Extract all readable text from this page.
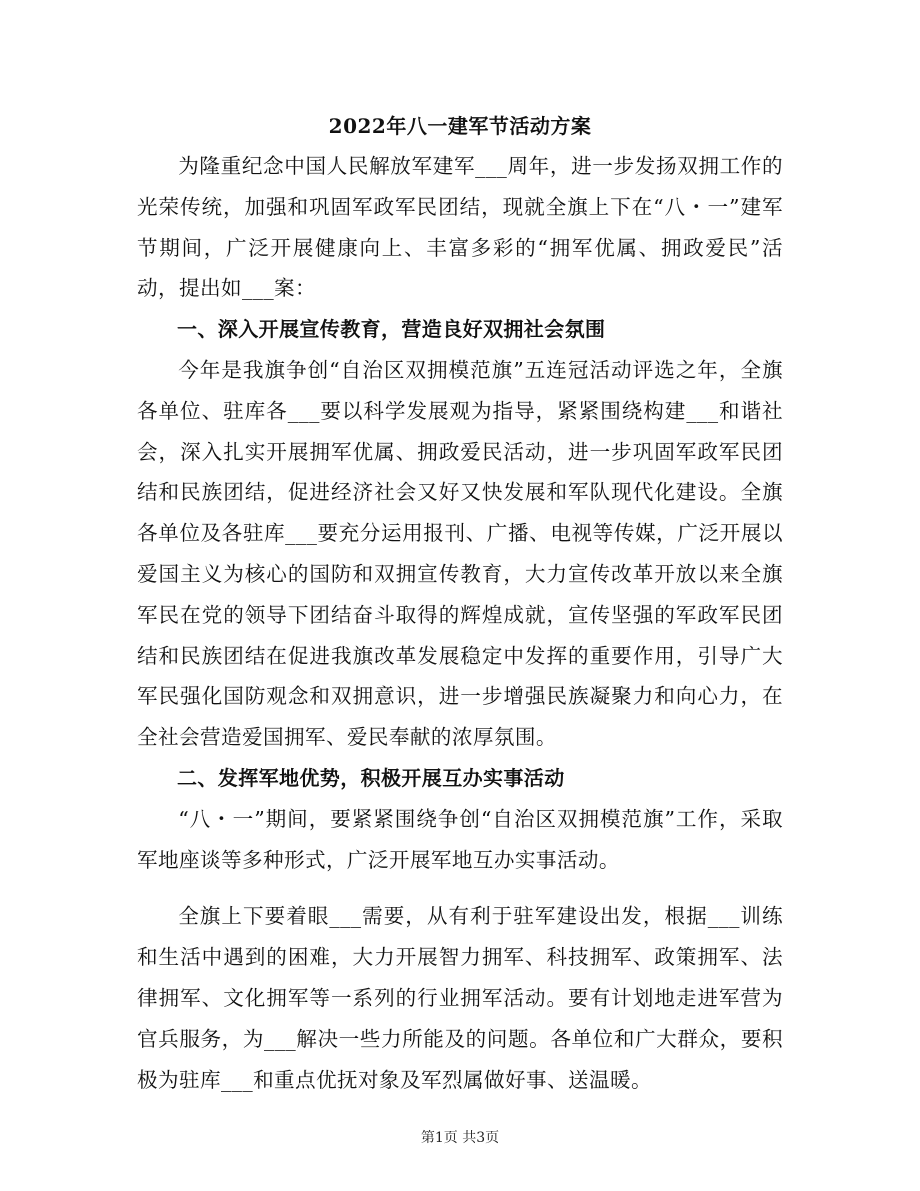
2022年八一建军节活动方案

为隆重纪念中国人民解放军建军___周年，进一步发扬双拥工作的光荣传统，加强和巩固军政军民团结，现就全旗上下在“八・一”建军节期间，广泛开展健康向上、丰富多彩的“拥军优属、拥政爱民”活动，提出如___案：

一、深入开展宣传教育，营造良好双拥社会氛围

今年是我旗争创“自治区双拥模范旗”五连冠活动评选之年，全旗各单位、驻库各___要以科学发展观为指导，紧紧围绕构建___和谐社会，深入扎实开展拥军优属、拥政爱民活动，进一步巩固军政军民团结和民族团结，促进经济社会又好又快发展和军队现代化建设。全旗各单位及各驻库___要充分运用报刊、广播、电视等传媒，广泛开展以爱国主义为核心的国防和双拥宣传教育，大力宣传改革开放以来全旗军民在党的领导下团结奋斗取得的辉煌成就，宣传坚强的军政军民团结和民族团结在促进我旗改革发展稳定中发挥的重要作用，引导广大军民强化国防观念和双拥意识，进一步增强民族凝聚力和向心力，在全社会营造爱国拥军、爱民奉献的浓厚氛围。

二、发挥军地优势，积极开展互办实事活动

“八・一”期间，要紧紧围绕争创“自治区双拥模范旗”工作，采取军地座谈等多种形式，广泛开展军地互办实事活动。

全旗上下要着眼___需要，从有利于驻军建设出发，根据___训练和生活中遇到的困难，大力开展智力拥军、科技拥军、政策拥军、法律拥军、文化拥军等一系列的行业拥军活动。要有计划地走进军营为官兵服务，为___解决一些力所能及的问题。各单位和广大群众，要积极为驻库___和重点优抚对象及军烈属做好事、送温暖。

第1页 共3页
